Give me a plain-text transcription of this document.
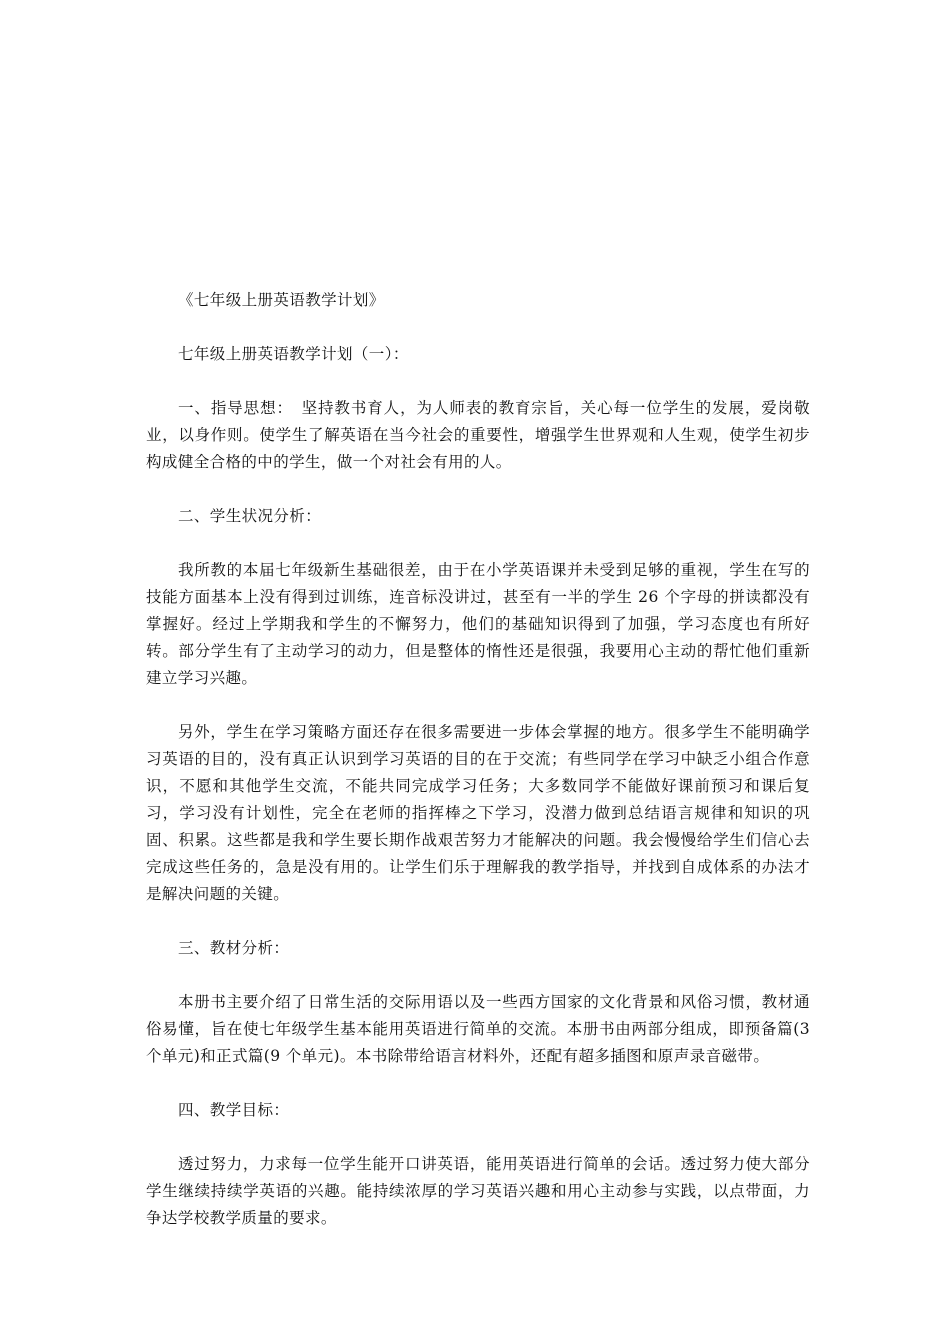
《七年级上册英语教学计划》

七年级上册英语教学计划（一）：

一、指导思想：　坚持教书育人，为人师表的教育宗旨，关心每一位学生的发展，爱岗敬业，以身作则。使学生了解英语在当今社会的重要性，增强学生世界观和人生观，使学生初步构成健全合格的中的学生，做一个对社会有用的人。

二、学生状况分析：

我所教的本届七年级新生基础很差，由于在小学英语课并未受到足够的重视，学生在写的技能方面基本上没有得到过训练，连音标没讲过，甚至有一半的学生 26 个字母的拼读都没有掌握好。经过上学期我和学生的不懈努力，他们的基础知识得到了加强，学习态度也有所好转。部分学生有了主动学习的动力，但是整体的惰性还是很强，我要用心主动的帮忙他们重新建立学习兴趣。

另外，学生在学习策略方面还存在很多需要进一步体会掌握的地方。很多学生不能明确学习英语的目的，没有真正认识到学习英语的目的在于交流；有些同学在学习中缺乏小组合作意识，不愿和其他学生交流，不能共同完成学习任务；大多数同学不能做好课前预习和课后复习，学习没有计划性，完全在老师的指挥棒之下学习，没潜力做到总结语言规律和知识的巩固、积累。这些都是我和学生要长期作战艰苦努力才能解决的问题。我会慢慢给学生们信心去完成这些任务的，急是没有用的。让学生们乐于理解我的教学指导，并找到自成体系的办法才是解决问题的关键。

三、教材分析：

本册书主要介绍了日常生活的交际用语以及一些西方国家的文化背景和风俗习惯，教材通俗易懂，旨在使七年级学生基本能用英语进行简单的交流。本册书由两部分组成，即预备篇(3 个单元)和正式篇(9 个单元)。本书除带给语言材料外，还配有超多插图和原声录音磁带。

四、教学目标：

透过努力，力求每一位学生能开口讲英语，能用英语进行简单的会话。透过努力使大部分学生继续持续学英语的兴趣。能持续浓厚的学习英语兴趣和用心主动参与实践，以点带面，力争达学校教学质量的要求。
